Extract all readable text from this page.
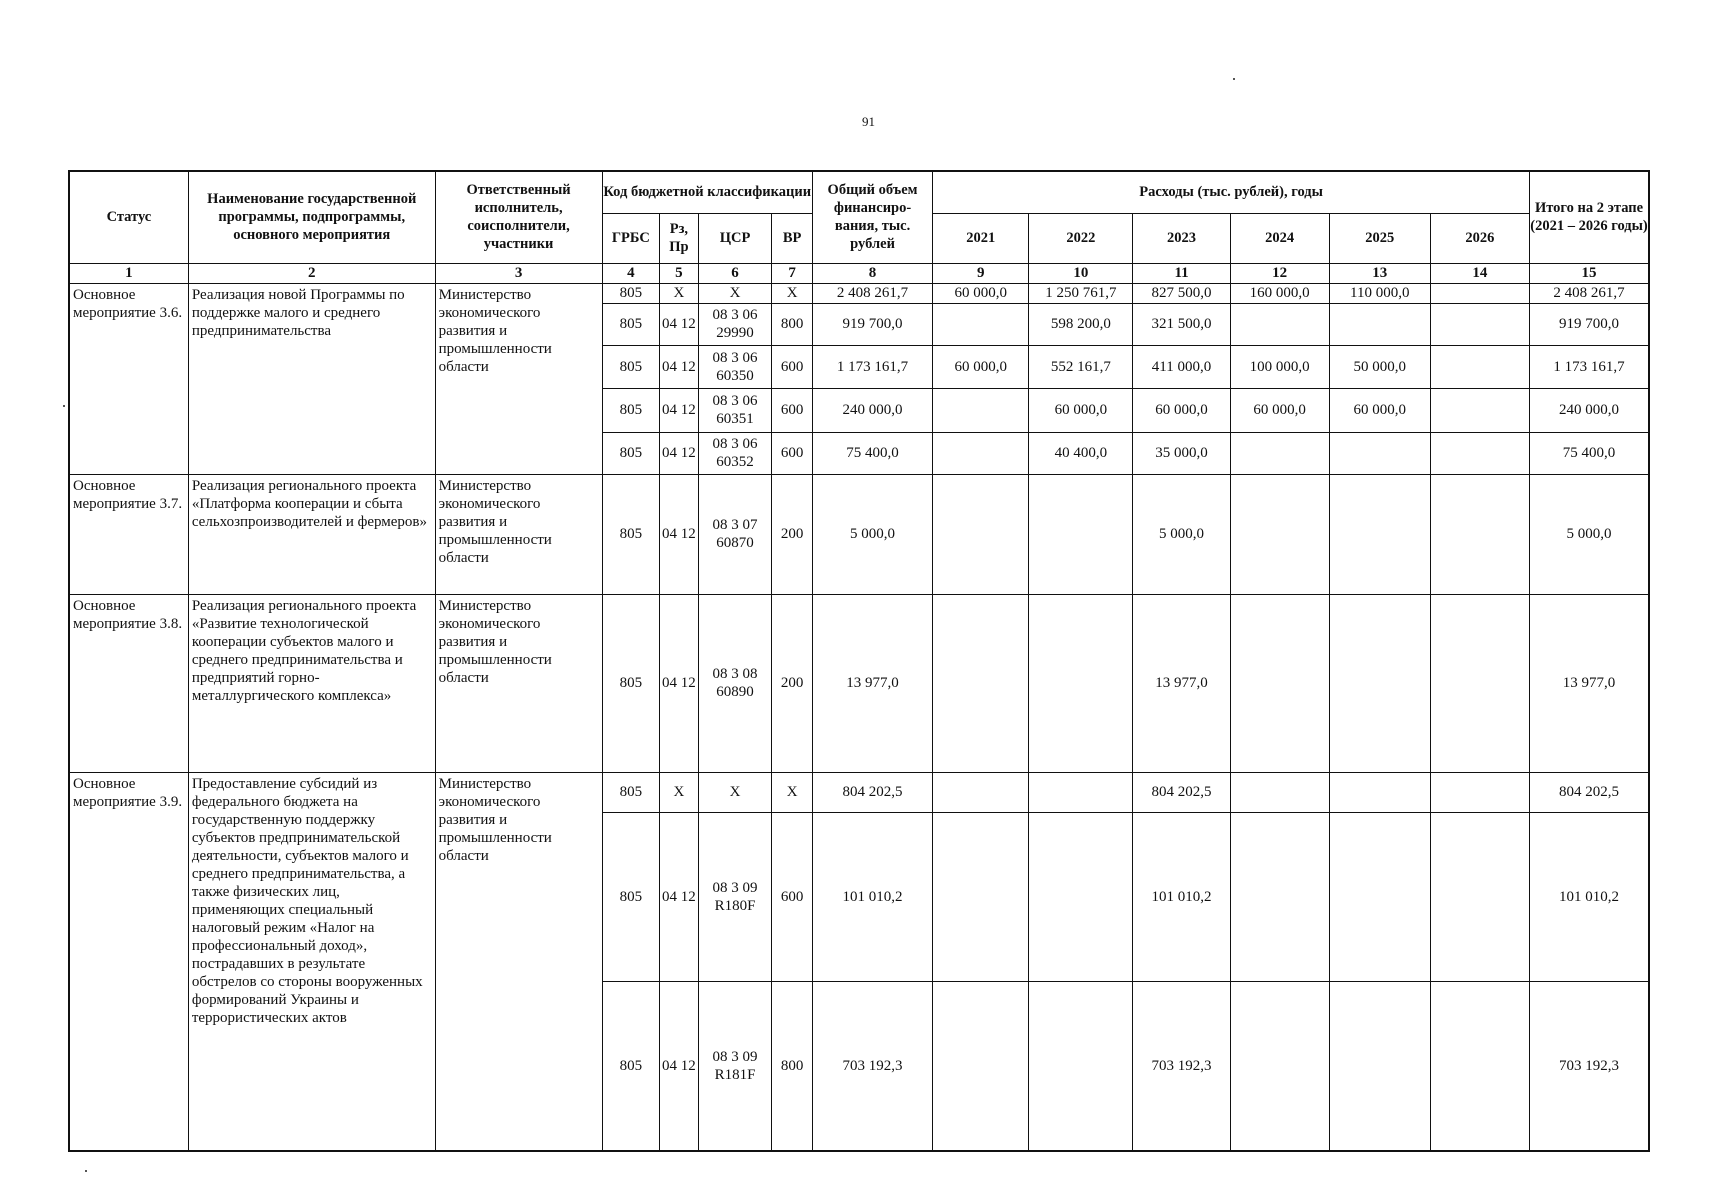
91
Статус	Наименование государственной программы, подпрограммы, основного мероприятия	Ответственный исполнитель, соисполнители, участники	Код бюджетной классификации				Общий объем финансиро-вания, тыс. рублей	Расходы (тыс. рублей), годы						Итого на 2 этапе (2021 – 2026 годы)
			ГРБС	Рз, Пр	ЦСР	ВР		2021	2022	2023	2024	2025	2026	
1	2	3	4	5	6	7	8	9	10	11	12	13	14	15
Основное мероприятие 3.6.	Реализация новой Программы по поддержке малого и среднего предпринимательства	Министерство экономического развития и промышленности области	805	X	X	X	2 408 261,7	60 000,0	1 250 761,7	827 500,0	160 000,0	110 000,0		2 408 261,7
			805	04 12	08 3 06 29990	800	919 700,0		598 200,0	321 500,0				919 700,0
			805	04 12	08 3 06 60350	600	1 173 161,7	60 000,0	552 161,7	411 000,0	100 000,0	50 000,0		1 173 161,7
			805	04 12	08 3 06 60351	600	240 000,0		60 000,0	60 000,0	60 000,0	60 000,0		240 000,0
			805	04 12	08 3 06 60352	600	75 400,0		40 400,0	35 000,0				75 400,0
Основное мероприятие 3.7.	Реализация регионального проекта «Платформа кооперации и сбыта сельхозпроизводителей и фермеров»	Министерство экономического развития и промышленности области	805	04 12	08 3 07 60870	200	5 000,0			5 000,0				5 000,0
Основное мероприятие 3.8.	Реализация регионального проекта «Развитие технологической кооперации субъектов малого и среднего предпринимательства и предприятий горно-металлургического комплекса»	Министерство экономического развития и промышленности области	805	04 12	08 3 08 60890	200	13 977,0			13 977,0				13 977,0
Основное мероприятие 3.9.	Предоставление субсидий из федерального бюджета на государственную поддержку субъектов предпринимательской деятельности, субъектов малого и среднего предпринимательства, а также физических лиц, применяющих специальный налоговый режим «Налог на профессиональный доход», пострадавших в результате обстрелов со стороны вооруженных формирований Украины и террористических актов	Министерство экономического развития и промышленности области	805	X	X	X	804 202,5			804 202,5				804 202,5
			805	04 12	08 3 09 R180F	600	101 010,2			101 010,2				101 010,2
			805	04 12	08 3 09 R181F	800	703 192,3			703 192,3				703 192,3
